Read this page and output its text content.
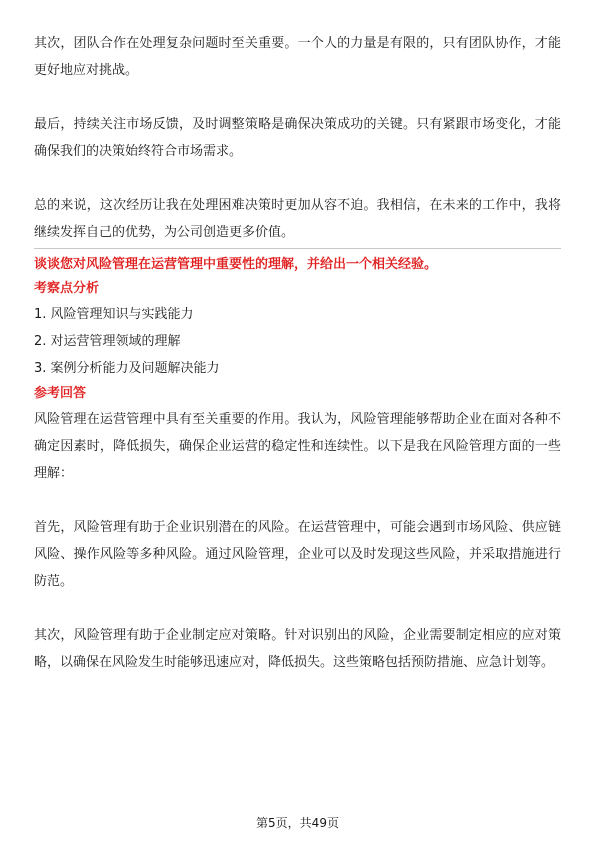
其次，团队合作在处理复杂问题时至关重要。一个人的力量是有限的，只有团队协作，才能更好地应对挑战。

最后，持续关注市场反馈，及时调整策略是确保决策成功的关键。只有紧跟市场变化，才能确保我们的决策始终符合市场需求。

总的来说，这次经历让我在处理困难决策时更加从容不迫。我相信，在未来的工作中，我将继续发挥自己的优势，为公司创造更多价值。

谈谈您对风险管理在运营管理中重要性的理解，并给出一个相关经验。

考察点分析

1. 风险管理知识与实践能力
2. 对运营管理领域的理解
3. 案例分析能力及问题解决能力

参考回答

风险管理在运营管理中具有至关重要的作用。我认为，风险管理能够帮助企业在面对各种不确定因素时，降低损失，确保企业运营的稳定性和连续性。以下是我在风险管理方面的一些理解：

首先，风险管理有助于企业识别潜在的风险。在运营管理中，可能会遇到市场风险、供应链风险、操作风险等多种风险。通过风险管理，企业可以及时发现这些风险，并采取措施进行防范。

其次，风险管理有助于企业制定应对策略。针对识别出的风险，企业需要制定相应的应对策略，以确保在风险发生时能够迅速应对，降低损失。这些策略包括预防措施、应急计划等。

第5页，共49页
